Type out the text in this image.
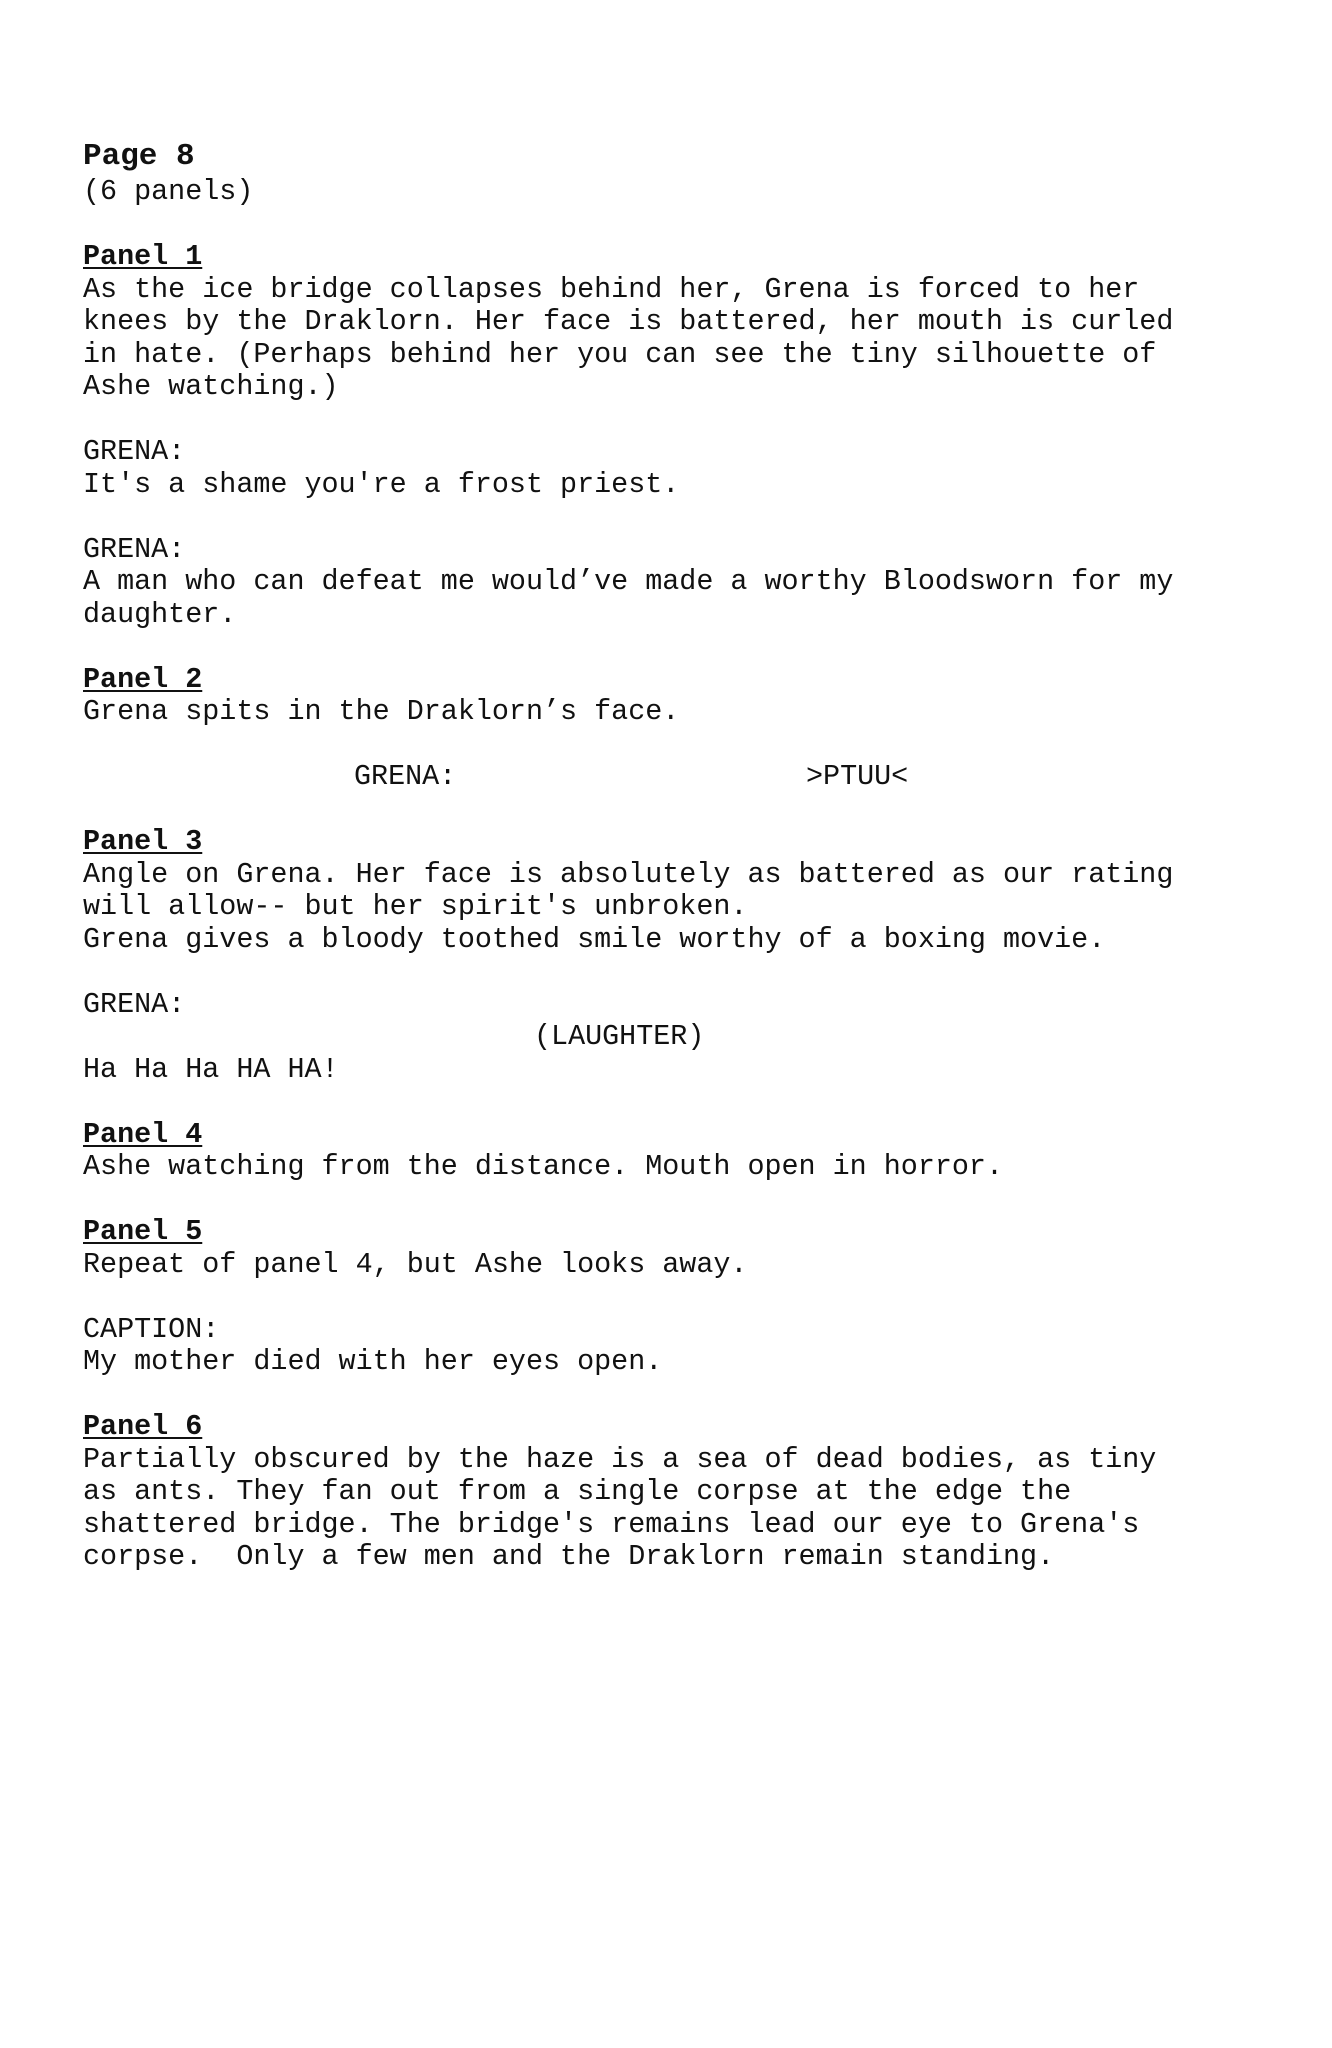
Page 8

(6 panels)

Panel 1

As the ice bridge collapses behind her, Grena is forced to her

knees by the Draklorn. Her face is battered, her mouth is curled

in hate. (Perhaps behind her you can see the tiny silhouette of

Ashe watching.)

GRENA:

It's a shame you're a frost priest.

GRENA:

A man who can defeat me would’ve made a worthy Bloodsworn for my

daughter.

Panel 2

Grena spits in the Draklorn’s face.

GRENA:	>PTUU<

Panel 3

Angle on Grena. Her face is absolutely as battered as our rating

will allow-- but her spirit's unbroken.

Grena gives a bloody toothed smile worthy of a boxing movie.

GRENA:

(LAUGHTER)

Ha Ha Ha HA HA!

Panel 4

Ashe watching from the distance. Mouth open in horror.

Panel 5

Repeat of panel 4, but Ashe looks away.

CAPTION:

My mother died with her eyes open.

Panel 6

Partially obscured by the haze is a sea of dead bodies, as tiny

as ants. They fan out from a single corpse at the edge the

shattered bridge. The bridge's remains lead our eye to Grena's

corpse.  Only a few men and the Draklorn remain standing.
